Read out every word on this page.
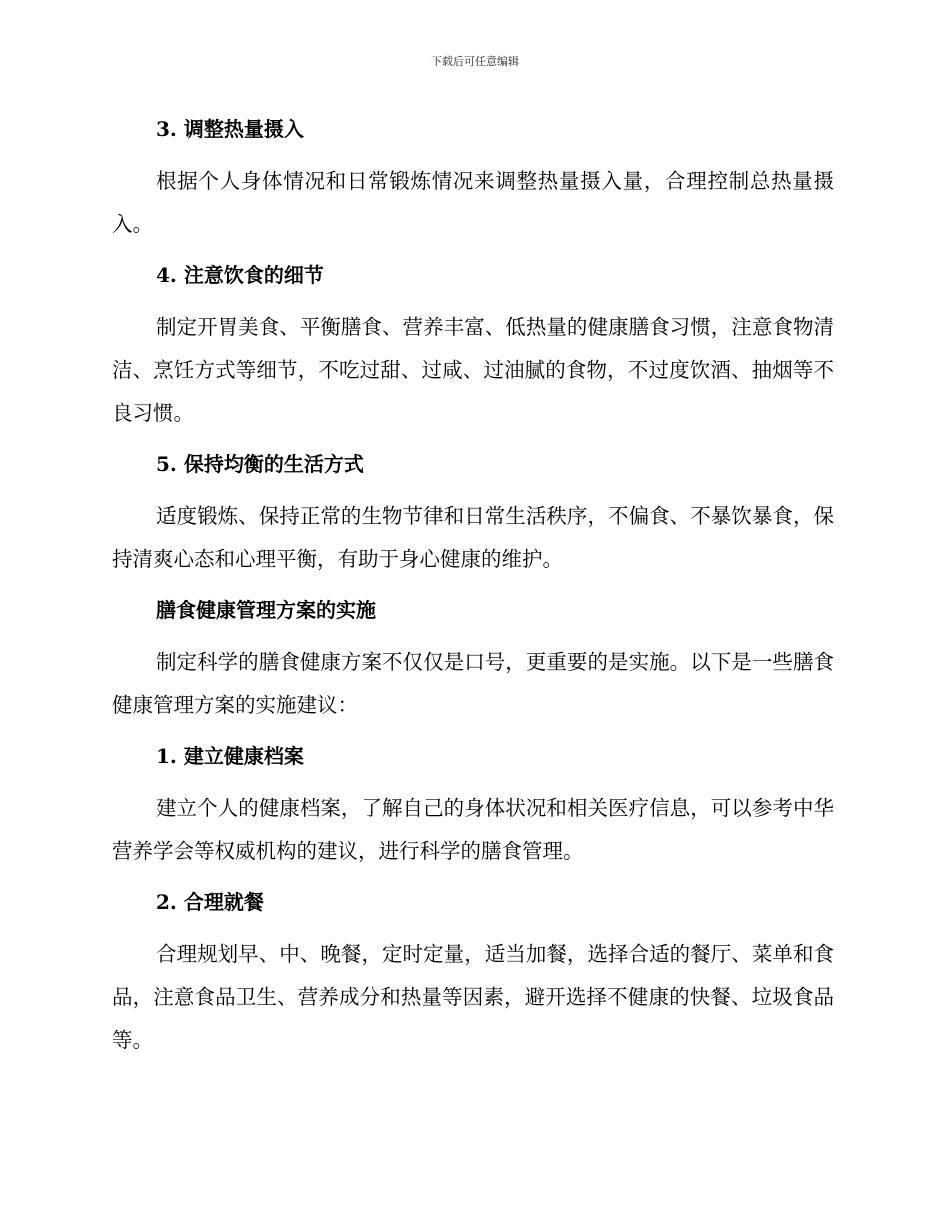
下载后可任意编辑
3. 调整热量摄入

根据个人身体情况和日常锻炼情况来调整热量摄入量，合理控制总热量摄入。

4. 注意饮食的细节

制定开胃美食、平衡膳食、营养丰富、低热量的健康膳食习惯，注意食物清洁、烹饪方式等细节，不吃过甜、过咸、过油腻的食物，不过度饮酒、抽烟等不良习惯。

5. 保持均衡的生活方式

适度锻炼、保持正常的生物节律和日常生活秩序，不偏食、不暴饮暴食，保持清爽心态和心理平衡，有助于身心健康的维护。

膳食健康管理方案的实施

制定科学的膳食健康方案不仅仅是口号，更重要的是实施。以下是一些膳食健康管理方案的实施建议：

1. 建立健康档案

建立个人的健康档案，了解自己的身体状况和相关医疗信息，可以参考中华营养学会等权威机构的建议，进行科学的膳食管理。

2. 合理就餐

合理规划早、中、晚餐，定时定量，适当加餐，选择合适的餐厅、菜单和食品，注意食品卫生、营养成分和热量等因素，避开选择不健康的快餐、垃圾食品等。
